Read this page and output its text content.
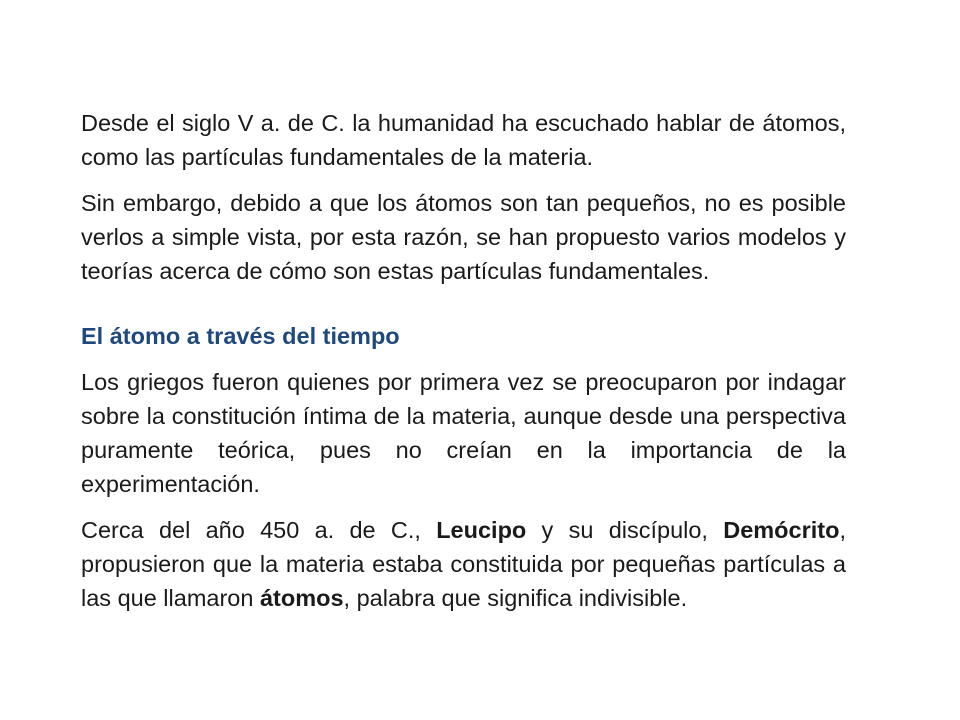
Desde el siglo V a. de C. la humanidad ha escuchado hablar de átomos, como las partículas fundamentales de la materia.

Sin embargo, debido a que los átomos son tan pequeños, no es posible verlos a simple vista, por esta razón, se han propuesto varios modelos y teorías acerca de cómo son estas partículas fundamentales.

El átomo a través del tiempo

Los griegos fueron quienes por primera vez se preocuparon por indagar sobre la constitución íntima de la materia, aunque desde una perspectiva puramente teórica, pues no creían en la importancia de la experimentación.

Cerca del año 450 a. de C., Leucipo y su discípulo, Demócrito, propusieron que la materia estaba constituida por pequeñas partículas a las que llamaron átomos, palabra que significa indivisible.
